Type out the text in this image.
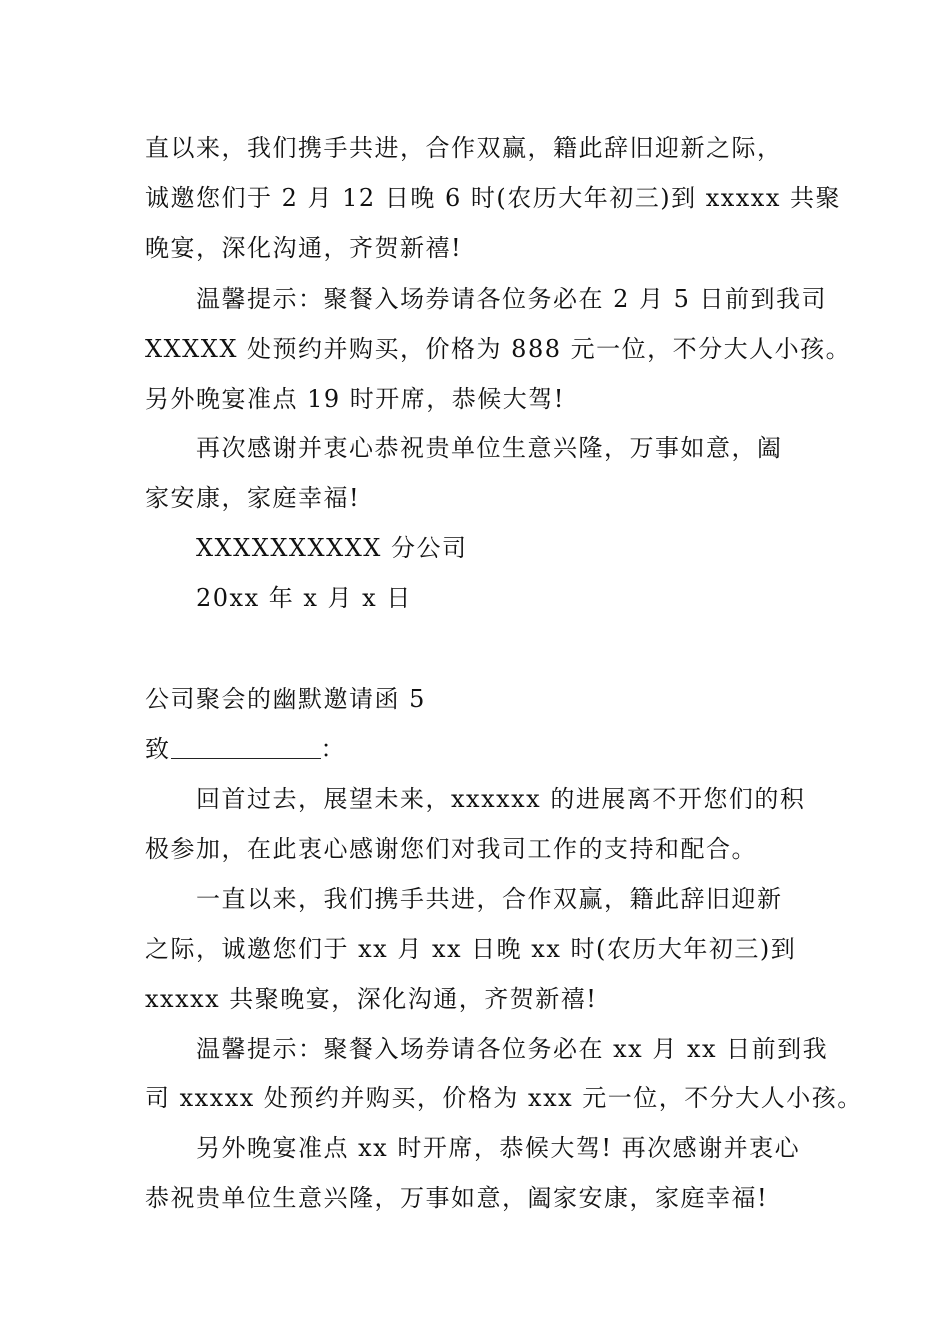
直以来，我们携手共进，合作双赢，籍此辞旧迎新之际，
诚邀您们于 2 月 12 日晚 6 时(农历大年初三)到 xxxxx 共聚
晚宴，深化沟通，齐贺新禧!
温馨提示：聚餐入场券请各位务必在 2 月 5 日前到我司
XXXXX 处预约并购买，价格为 888 元一位，不分大人小孩。
另外晚宴准点 19 时开席，恭候大驾!
再次感谢并衷心恭祝贵单位生意兴隆，万事如意，阖
家安康，家庭幸福!
XXXXXXXXXX 分公司
20xx 年 x 月 x 日
公司聚会的幽默邀请函 5
致	：
回首过去，展望未来，xxxxxx 的进展离不开您们的积
极参加，在此衷心感谢您们对我司工作的支持和配合。
一直以来，我们携手共进，合作双赢，籍此辞旧迎新
之际，诚邀您们于 xx 月 xx 日晚 xx 时(农历大年初三)到
xxxxx 共聚晚宴，深化沟通，齐贺新禧!
温馨提示：聚餐入场券请各位务必在 xx 月 xx 日前到我
司 xxxxx 处预约并购买，价格为 xxx 元一位，不分大人小孩。
另外晚宴准点 xx 时开席，恭候大驾! 再次感谢并衷心
恭祝贵单位生意兴隆，万事如意，阖家安康，家庭幸福!
